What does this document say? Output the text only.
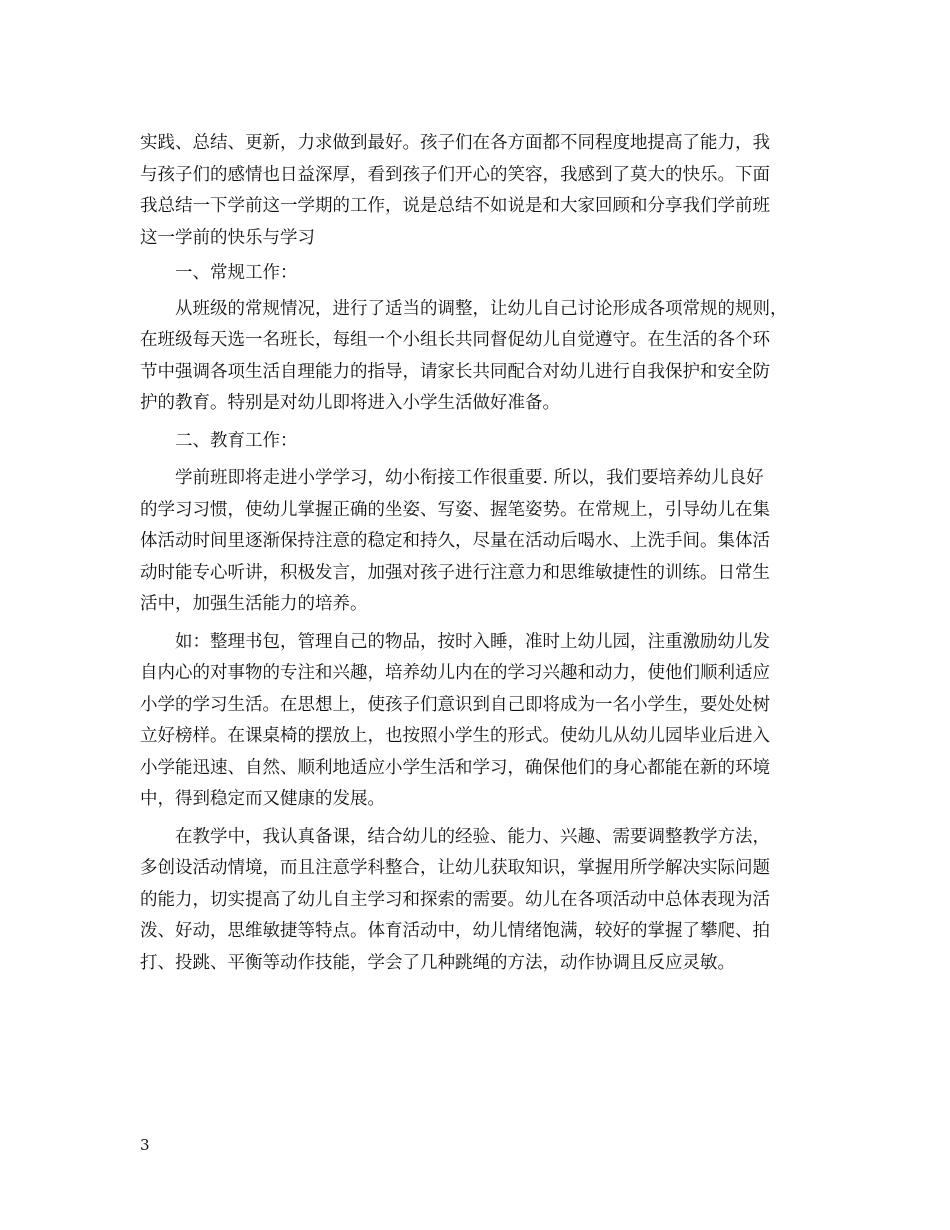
实践、总结、更新，力求做到最好。孩子们在各方面都不同程度地提高了能力，我
与孩子们的感情也日益深厚，看到孩子们开心的笑容，我感到了莫大的快乐。下面
我总结一下学前这一学期的工作，说是总结不如说是和大家回顾和分享我们学前班
这一学前的快乐与学习
一、常规工作：
从班级的常规情况，进行了适当的调整，让幼儿自己讨论形成各项常规的规则，
在班级每天选一名班长，每组一个小组长共同督促幼儿自觉遵守。在生活的各个环
节中强调各项生活自理能力的指导，请家长共同配合对幼儿进行自我保护和安全防
护的教育。特别是对幼儿即将进入小学生活做好准备。
二、教育工作：
学前班即将走进小学学习，幼小衔接工作很重要. 所以，我们要培养幼儿良好
的学习习惯，使幼儿掌握正确的坐姿、写姿、握笔姿势。在常规上，引导幼儿在集
体活动时间里逐渐保持注意的稳定和持久，尽量在活动后喝水、上洗手间。集体活
动时能专心听讲，积极发言，加强对孩子进行注意力和思维敏捷性的训练。日常生
活中，加强生活能力的培养。
如：整理书包，管理自己的物品，按时入睡，准时上幼儿园，注重激励幼儿发
自内心的对事物的专注和兴趣，培养幼儿内在的学习兴趣和动力，使他们顺利适应
小学的学习生活。在思想上，使孩子们意识到自己即将成为一名小学生，要处处树
立好榜样。在课桌椅的摆放上，也按照小学生的形式。使幼儿从幼儿园毕业后进入
小学能迅速、自然、顺利地适应小学生活和学习，确保他们的身心都能在新的环境
中，得到稳定而又健康的发展。
在教学中，我认真备课，结合幼儿的经验、能力、兴趣、需要调整教学方法，
多创设活动情境，而且注意学科整合，让幼儿获取知识，掌握用所学解决实际问题
的能力，切实提高了幼儿自主学习和探索的需要。幼儿在各项活动中总体表现为活
泼、好动，思维敏捷等特点。体育活动中，幼儿情绪饱满，较好的掌握了攀爬、拍
打、投跳、平衡等动作技能，学会了几种跳绳的方法，动作协调且反应灵敏。
3
